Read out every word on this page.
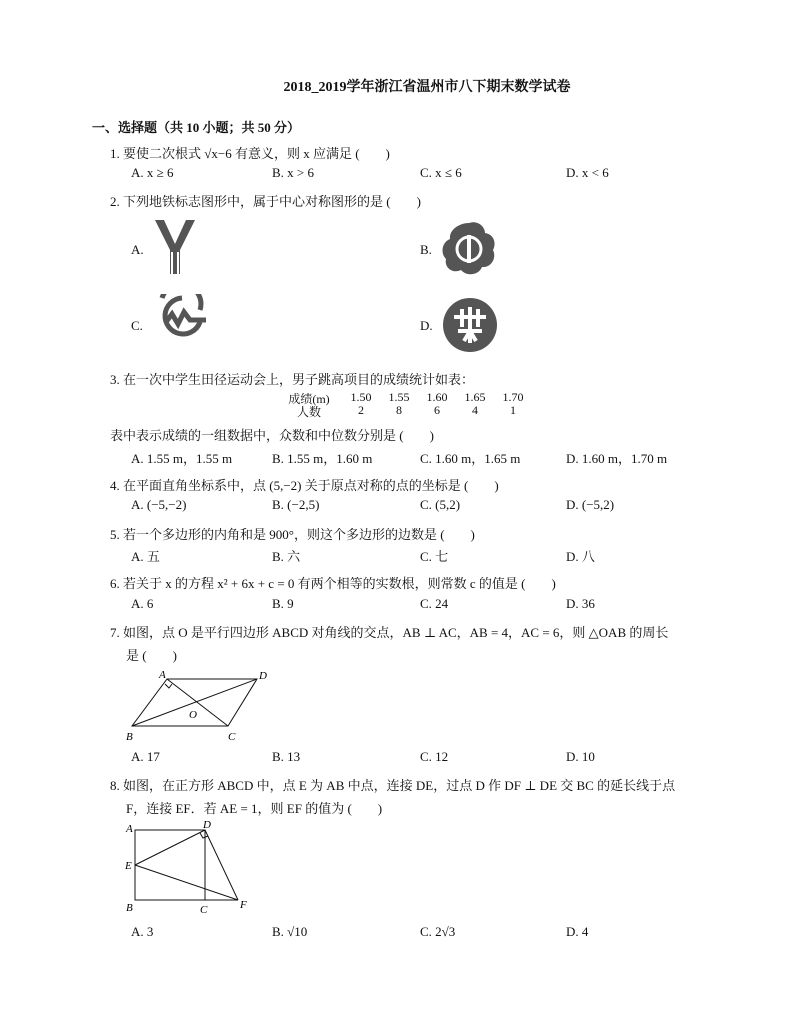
2018_2019学年浙江省温州市八下期末数学试卷
一、选择题（共 10 小题；共 50 分）
1. 要使二次根式 √x−6 有意义，则 x 应满足 (　　)
A. x ≥ 6	B. x > 6	C. x ≤ 6	D. x < 6
2. 下列地铁标志图形中，属于中心对称图形的是 (　　)
A.	B.
C.	D.
3. 在一次中学生田径运动会上，男子跳高项目的成绩统计如表：
成绩(m)	1.50	1.55	1.60	1.65	1.70
人数	2	8	6	4	1
表中表示成绩的一组数据中，众数和中位数分别是 (　　)
A. 1.55 m，1.55 m	B. 1.55 m，1.60 m	C. 1.60 m，1.65 m	D. 1.60 m，1.70 m
4. 在平面直角坐标系中，点 (5,−2) 关于原点对称的点的坐标是 (　　)
A. (−5,−2)	B. (−2,5)	C. (5,2)	D. (−5,2)
5. 若一个多边形的内角和是 900°，则这个多边形的边数是 (　　)
A. 五	B. 六	C. 七	D. 八
6. 若关于 x 的方程 x² + 6x + c = 0 有两个相等的实数根，则常数 c 的值是 (　　)
A. 6	B. 9	C. 24	D. 36
7. 如图，点 O 是平行四边形 ABCD 对角线的交点，AB ⊥ AC，AB = 4，AC = 6，则 △OAB 的周长
是 (　　)
A	D
B	C
O
A. 17	B. 13	C. 12	D. 10
8. 如图，在正方形 ABCD 中，点 E 为 AB 中点，连接 DE，过点 D 作 DF ⊥ DE 交 BC 的延长线于点
F，连接 EF．若 AE = 1，则 EF 的值为 (　　)
A	D
E
B	C	F
A. 3	B. √10	C. 2√3	D. 4
